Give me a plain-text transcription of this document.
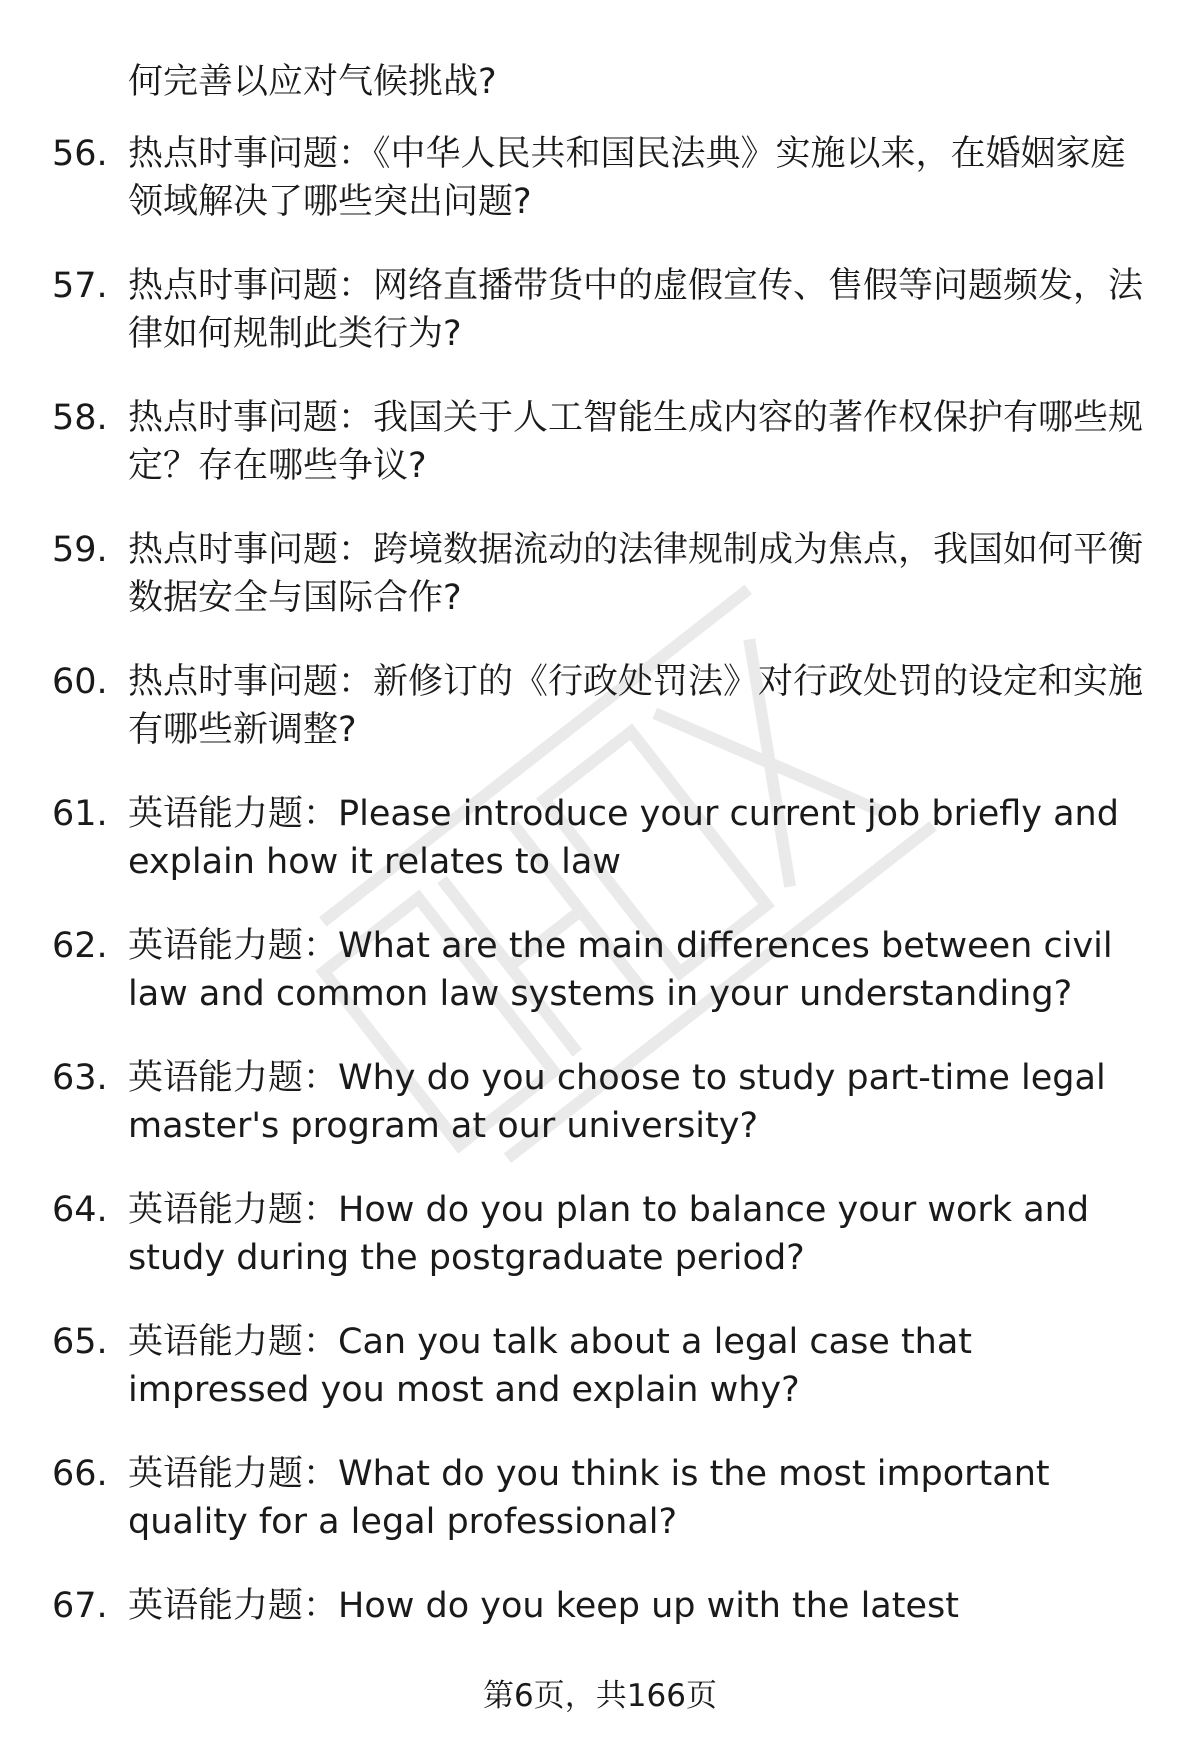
何完善以应对气候挑战?

56. 热点时事问题：《中华人民共和国民法典》实施以来，在婚姻家庭领域解决了哪些突出问题?

57. 热点时事问题：网络直播带货中的虚假宣传、售假等问题频发，法律如何规制此类行为?

58. 热点时事问题：我国关于人工智能生成内容的著作权保护有哪些规定？存在哪些争议?

59. 热点时事问题：跨境数据流动的法律规制成为焦点，我国如何平衡数据安全与国际合作?

60. 热点时事问题：新修订的《行政处罚法》对行政处罚的设定和实施有哪些新调整?

61. 英语能力题：Please introduce your current job briefly and explain how it relates to law

62. 英语能力题：What are the main differences between civil law and common law systems in your understanding?

63. 英语能力题：Why do you choose to study part-time legal master's program at our university?

64. 英语能力题：How do you plan to balance your work and study during the postgraduate period?

65. 英语能力题：Can you talk about a legal case that impressed you most and explain why?

66. 英语能力题：What do you think is the most important quality for a legal professional?

67. 英语能力题：How do you keep up with the latest

第6页，共166页
